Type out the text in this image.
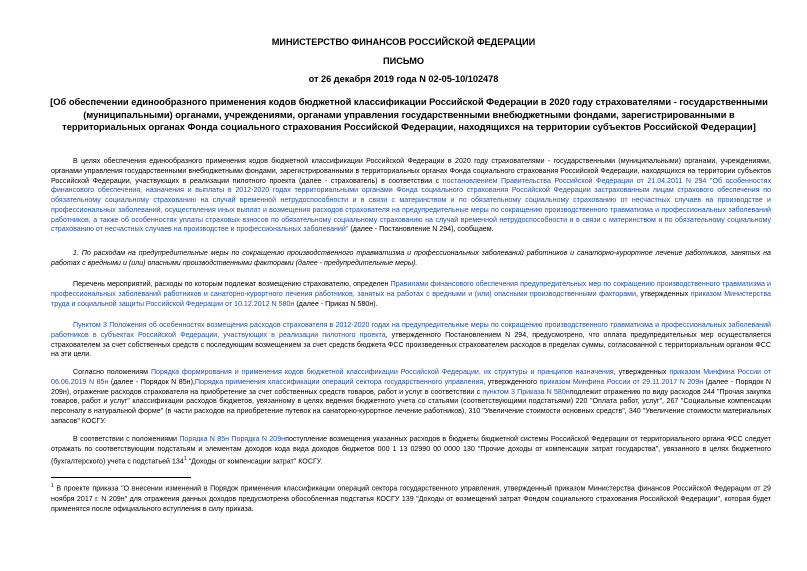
МИНИСТЕРСТВО ФИНАНСОВ РОССИЙСКОЙ ФЕДЕРАЦИИ
ПИСЬМО
от 26 декабря 2019 года N 02-05-10/102478
[Об обеспечении единообразного применения кодов бюджетной классификации Российской Федерации в 2020 году страхователями - государственными (муниципальными) органами, учреждениями, органами управления государственными внебюджетными фондами, зарегистрированными в территориальных органах Фонда социального страхования Российской Федерации, находящихся на территории субъектов Российской Федерации]
В целях обеспечения единообразного применения кодов бюджетной классификации Российской Федерации в 2020 году страхователями - государственными (муниципальными) органами, учреждениями, органами управления государственными внебюджетными фондами, зарегистрированными в территориальных органах Фонда социального страхования Российской Федерации, находящихся на территории субъектов Российской Федерации, участвующих в реализации пилотного проекта (далее - страхователь) в соответствии с постановлением Правительства Российской Федерации от 21.04.2011 N 294 "Об особенностях финансового обеспечения, назначения и выплаты в 2012-2020 годах территориальными органами Фонда социального страхования Российской Федерации застрахованным лицам страхового обеспечения по обязательному социальному страхованию на случай временной нетрудоспособности и в связи с материнством и по обязательному социальному страхованию от несчастных случаев на производстве и профессиональных заболеваний, осуществления иных выплат и возмещения расходов страхователя на предупредительные меры по сокращению производственного травматизма и профессиональных заболеваний работников, а также об особенностях уплаты страховых взносов по обязательному социальному страхованию на случай временной нетрудоспособности и в связи с материнством и по обязательному социальному страхованию от несчастных случаев на производстве и профессиональных заболеваний" (далее - Постановление N 294), сообщаем.
1. По расходам на предупредительные меры по сокращению производственного травматизма и профессиональных заболеваний работников и санаторно-курортное лечение работников, занятых на работах с вредными и (или) опасными производственными факторами (далее - предупредительные меры).
Перечень мероприятий, расходы по которым подлежат возмещению страхователю, определен Правилами финансового обеспечения предупредительных мер по сокращению производственного травматизма и профессиональных заболеваний работников и санаторно-курортного лечения работников, занятых на работах с вредными и (или) опасными производственными факторами, утвержденных приказом Министерства труда и социальной защиты Российской Федерации от 10.12.2012 N 580н (далее - Приказ N 580н).
Пунктом 3 Положения об особенностях возмещения расходов страхователя в 2012-2020 годах на предупредительные меры по сокращению производственного травматизма и профессиональных заболеваний работников в субъектах Российской Федерации, участвующих в реализации пилотного проекта, утвержденного Постановлением N 294, предусмотрено, что оплата предупредительных мер осуществляется страхователем за счет собственных средств с последующим возмещением за счет средств бюджета ФСС произведенных страхователем расходов в пределах суммы, согласованной с территориальным органом ФСС на эти цели.
Согласно положениям Порядка формирования и применения кодов бюджетной классификации Российской Федерации, их структуры и принципов назначения, утвержденных приказом Минфина России от 06.06.2019 N 85н (далее - Порядок N 85н),Порядка применения классификации операций сектора государственного управления, утвержденного приказом Минфина России от 29.11.2017 N 209н (далее - Порядок N 209н), отражение расходов страхователя на приобретение за счет собственных средств товаров, работ и услуг в соответствии с пунктом 3 Приказа N 580нподлежит отражению по виду расходов 244 "Прочая закупка товаров, работ и услуг" классификации расходов бюджетов, увязанному в целях ведения бюджетного учета со статьями (соответствующими подстатьями) 220 "Оплата работ, услуг", 267 "Социальные компенсации персоналу в натуральной форме" (в части расходов на приобретение путевок на санаторно-курортное лечение работников), 310 "Увеличение стоимости основных средств", 340 "Увеличение стоимости материальных запасов" КОСГУ.
В соответствии с положениями Порядка N 85н Порядка N 209нпоступление возмещения указанных расходов в бюджеты бюджетной системы Российской Федерации от территориального органа ФСС следует отражать по соответствующим подстатьям и элементам доходов кода вида доходов бюджетов 000 1 13 02990 00 0000 130 "Прочие доходы от компенсации затрат государства", увязанного в целях бюджетного (бухгалтерского) учета с подстатьей $134^1$ "Доходы от компенсации затрат" КОСГУ.
$^1$ В проекте приказа "О внесении изменений в Порядок применения классификации операций сектора государственного управления, утвержденный приказом Министерства финансов Российской Федерации от 29 ноября 2017 г. N 209н" для отражения данных доходов предусмотрена обособленная подстатья КОСГУ 139 "Доходы от возмещений затрат Фондом социального страхования Российской Федерации", которая будет применятся после официального вступления в силу приказа.
